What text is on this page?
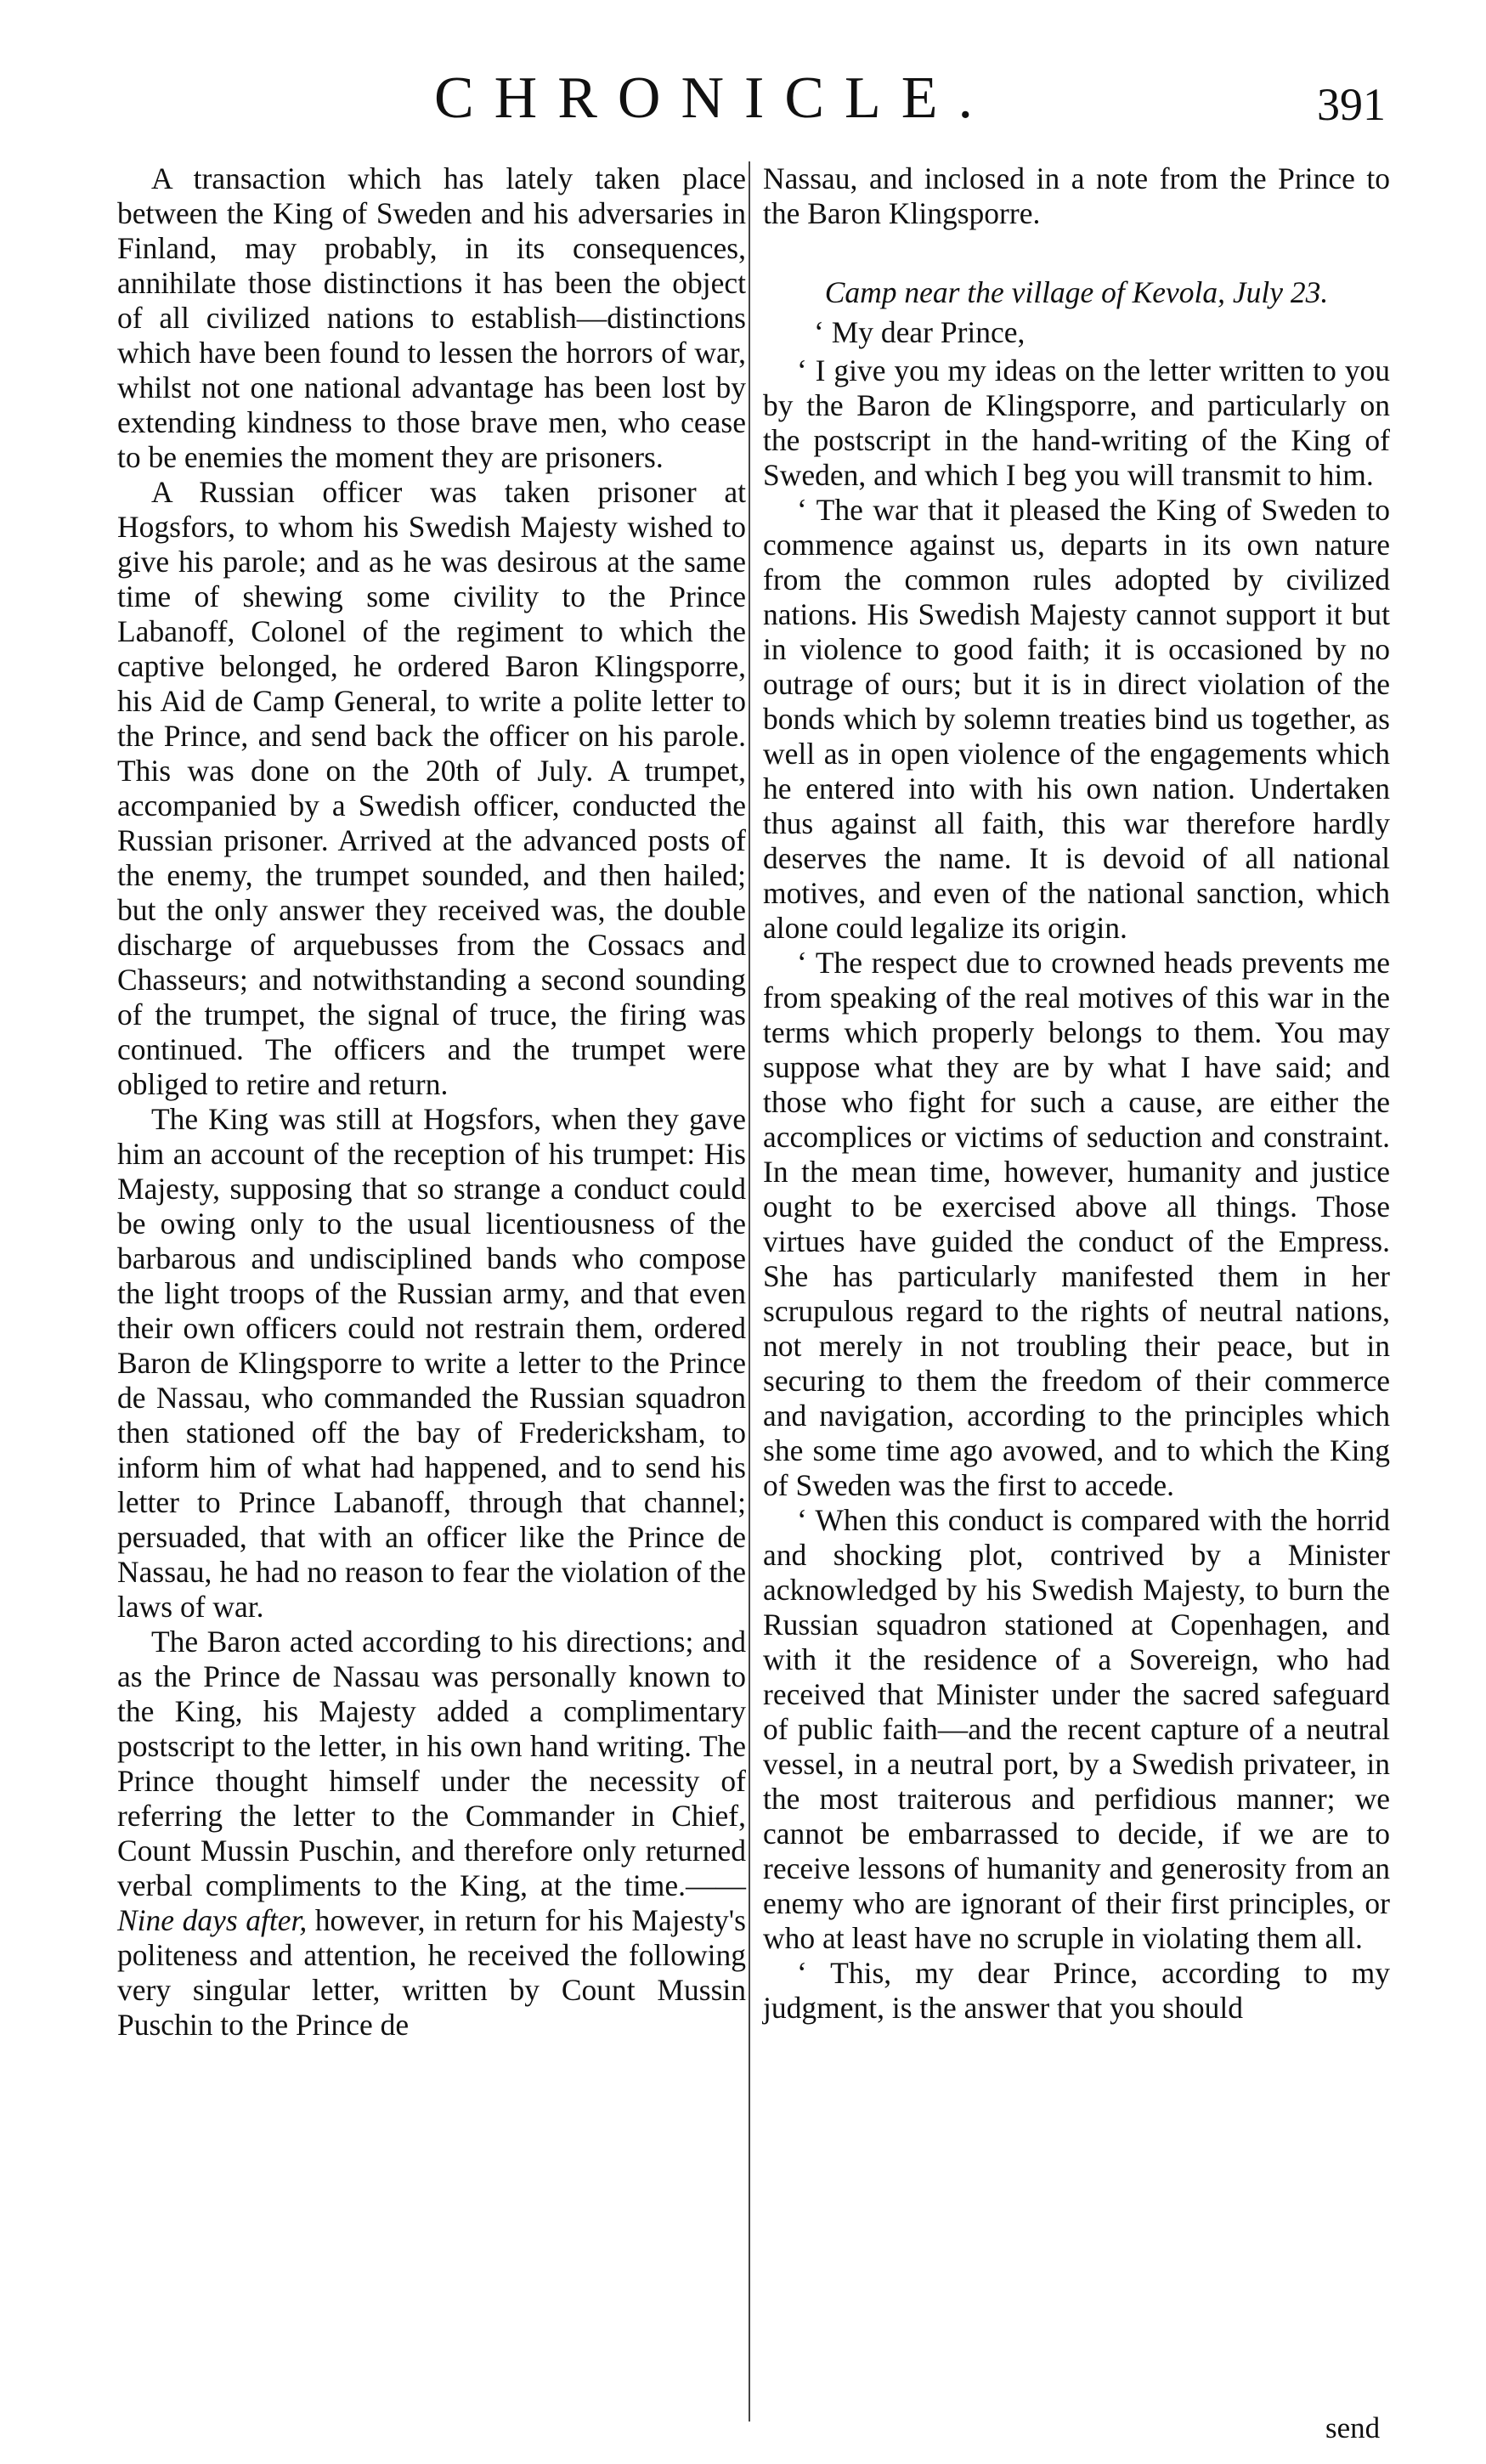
CHRONICLE.	391

A transaction which has lately taken place between the King of Sweden and his adversaries in Finland, may probably, in its consequences, annihilate those distinctions it has been the object of all civilized nations to establish—distinctions which have been found to lessen the horrors of war, whilst not one national advantage has been lost by extending kindness to those brave men, who cease to be enemies the moment they are prisoners.

A Russian officer was taken prisoner at Hogsfors, to whom his Swedish Majesty wished to give his parole; and as he was desirous at the same time of shewing some civility to the Prince Labanoff, Colonel of the regiment to which the captive belonged, he ordered Baron Klingsporre, his Aid de Camp General, to write a polite letter to the Prince, and send back the officer on his parole. This was done on the 20th of July. A trumpet, accompanied by a Swedish officer, conducted the Russian prisoner. Arrived at the advanced posts of the enemy, the trumpet sounded, and then hailed; but the only answer they received was, the double discharge of arquebusses from the Cossacs and Chasseurs; and notwithstanding a second sounding of the trumpet, the signal of truce, the firing was continued. The officers and the trumpet were obliged to retire and return.

The King was still at Hogsfors, when they gave him an account of the reception of his trumpet: His Majesty, supposing that so strange a conduct could be owing only to the usual licentiousness of the barbarous and undisciplined bands who compose the light troops of the Russian army, and that even their own officers could not restrain them, ordered Baron de Klingsporre to write a letter to the Prince de Nassau, who commanded the Russian squadron then stationed off the bay of Fredericksham, to inform him of what had happened, and to send his letter to Prince Labanoff, through that channel; persuaded, that with an officer like the Prince de Nassau, he had no reason to fear the violation of the laws of war.

The Baron acted according to his directions; and as the Prince de Nassau was personally known to the King, his Majesty added a complimentary postscript to the letter, in his own hand writing. The Prince thought himself under the necessity of referring the letter to the Commander in Chief, Count Mussin Puschin, and therefore only returned verbal compliments to the King, at the time.——Nine days after, however, in return for his Majesty's politeness and attention, he received the following very singular letter, written by Count Mussin Puschin to the Prince de

Nassau, and inclosed in a note from the Prince to the Baron Klingsporre.

Camp near the village of Kevola, July 23.

‘ My dear Prince,

‘ I give you my ideas on the letter written to you by the Baron de Klingsporre, and particularly on the postscript in the hand-writing of the King of Sweden, and which I beg you will transmit to him.

‘ The war that it pleased the King of Sweden to commence against us, departs in its own nature from the common rules adopted by civilized nations. His Swedish Majesty cannot support it but in violence to good faith; it is occasioned by no outrage of ours; but it is in direct violation of the bonds which by solemn treaties bind us together, as well as in open violence of the engagements which he entered into with his own nation. Undertaken thus against all faith, this war therefore hardly deserves the name. It is devoid of all national motives, and even of the national sanction, which alone could legalize its origin.

‘ The respect due to crowned heads prevents me from speaking of the real motives of this war in the terms which properly belongs to them. You may suppose what they are by what I have said; and those who fight for such a cause, are either the accomplices or victims of seduction and constraint. In the mean time, however, humanity and justice ought to be exercised above all things. Those virtues have guided the conduct of the Empress. She has particularly manifested them in her scrupulous regard to the rights of neutral nations, not merely in not troubling their peace, but in securing to them the freedom of their commerce and navigation, according to the principles which she some time ago avowed, and to which the King of Sweden was the first to accede.

‘ When this conduct is compared with the horrid and shocking plot, contrived by a Minister acknowledged by his Swedish Majesty, to burn the Russian squadron stationed at Copenhagen, and with it the residence of a Sovereign, who had received that Minister under the sacred safeguard of public faith—and the recent capture of a neutral vessel, in a neutral port, by a Swedish privateer, in the most traiterous and perfidious manner; we cannot be embarrassed to decide, if we are to receive lessons of humanity and generosity from an enemy who are ignorant of their first principles, or who at least have no scruple in violating them all.

‘ This, my dear Prince, according to my judgment, is the answer that you should

send
